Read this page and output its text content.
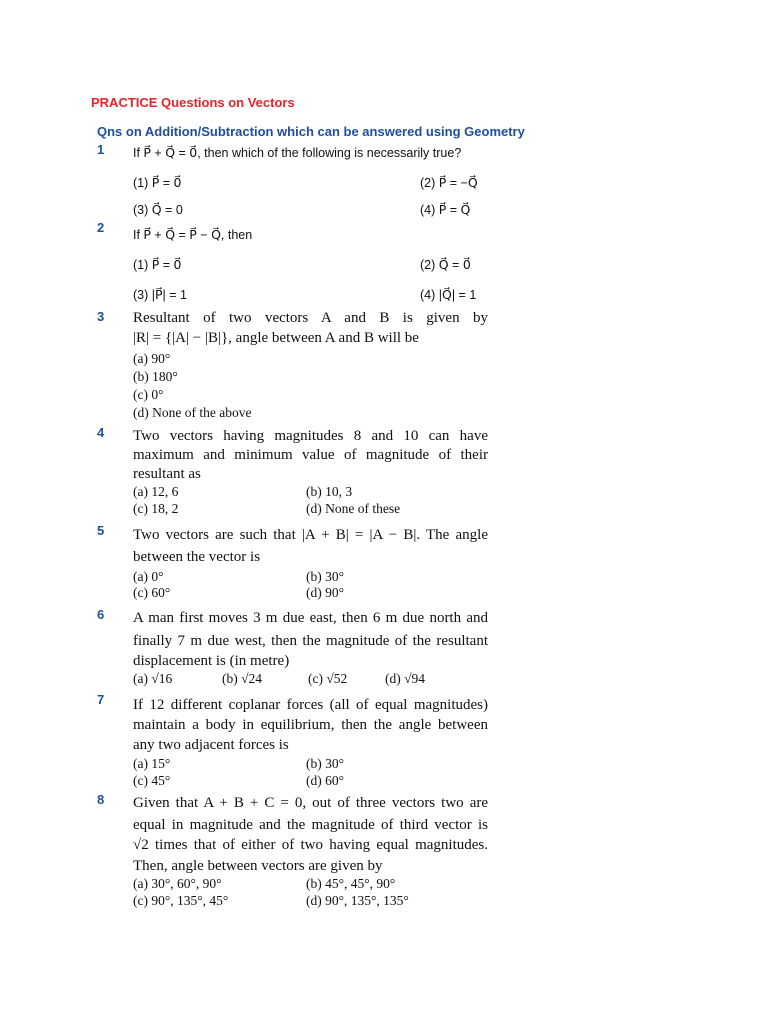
PRACTICE Questions on Vectors
Qns on Addition/Subtraction which can be answered using Geometry
1 If P⃗ + Q⃗ = 0⃗, then which of the following is necessarily true?
(1) P⃗ = 0⃗	(2) P⃗ = −Q⃗
(3) Q⃗ = 0	(4) P⃗ = Q⃗
2 If P⃗ + Q⃗ = P⃗ − Q⃗, then
(1) P⃗ = 0⃗	(2) Q⃗ = 0⃗
(3) |P⃗| = 1	(4) |Q⃗| = 1
3 Resultant of two vectors A and B is given by
|R| = {|A| − |B|}, angle between A and B will be
(a) 90°
(b) 180°
(c) 0°
(d) None of the above
4 Two vectors having magnitudes 8 and 10 can have
maximum and minimum value of magnitude of their
resultant as
(a) 12, 6	(b) 10, 3
(c) 18, 2	(d) None of these
5 Two vectors are such that |A + B| = |A − B|. The angle
between the vector is
(a) 0°	(b) 30°
(c) 60°	(d) 90°
6 A man first moves 3 m due east, then 6 m due north and
finally 7 m due west, then the magnitude of the resultant
displacement is (in metre)
(a) √16	(b) √24	(c) √52	(d) √94
7 If 12 different coplanar forces (all of equal magnitudes)
maintain a body in equilibrium, then the angle between
any two adjacent forces is
(a) 15°	(b) 30°
(c) 45°	(d) 60°
8 Given that A + B + C = 0, out of three vectors two are
equal in magnitude and the magnitude of third vector is
√2 times that of either of two having equal magnitudes.
Then, angle between vectors are given by
(a) 30°, 60°, 90°	(b) 45°, 45°, 90°
(c) 90°, 135°, 45°	(d) 90°, 135°, 135°
